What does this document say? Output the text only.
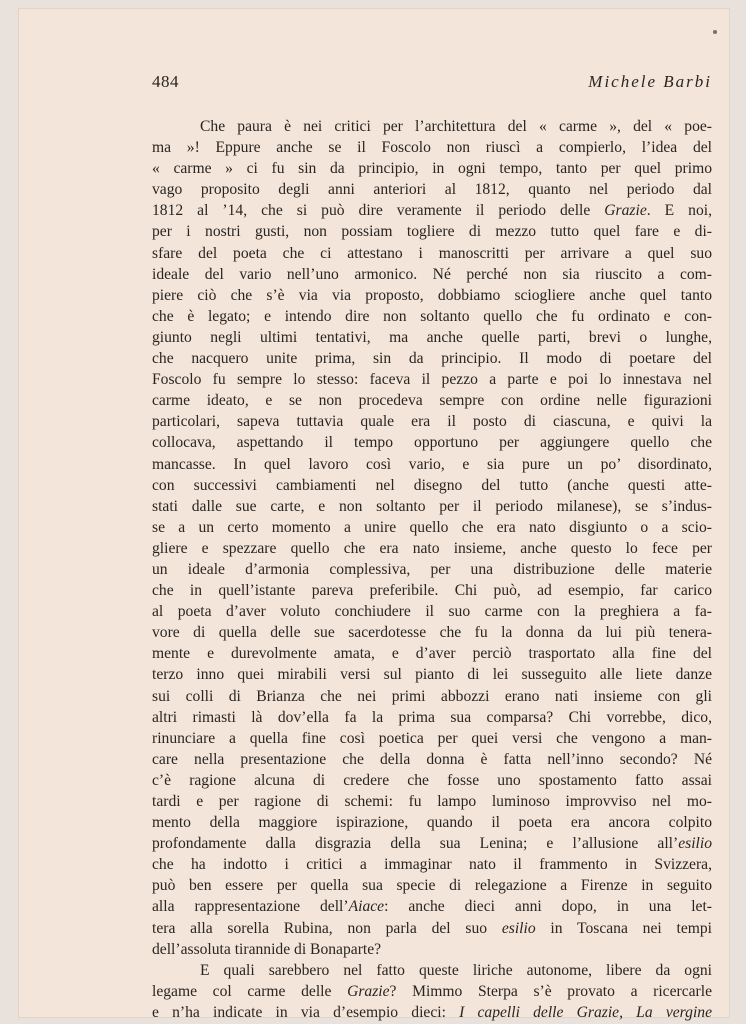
484	Michele Barbi
Che paura è nei critici per l’architettura del « carme », del « poe-
ma »! Eppure anche se il Foscolo non riuscì a compierlo, l’idea del
« carme » ci fu sin da principio, in ogni tempo, tanto per quel primo
vago proposito degli anni anteriori al 1812, quanto nel periodo dal
1812 al ’14, che si può dire veramente il periodo delle Grazie. E noi,
per i nostri gusti, non possiam togliere di mezzo tutto quel fare e di-
sfare del poeta che ci attestano i manoscritti per arrivare a quel suo
ideale del vario nell’uno armonico. Né perché non sia riuscito a com-
piere ciò che s’è via via proposto, dobbiamo sciogliere anche quel tanto
che è legato; e intendo dire non soltanto quello che fu ordinato e con-
giunto negli ultimi tentativi, ma anche quelle parti, brevi o lunghe,
che nacquero unite prima, sin da principio. Il modo di poetare del
Foscolo fu sempre lo stesso: faceva il pezzo a parte e poi lo innestava nel
carme ideato, e se non procedeva sempre con ordine nelle figurazioni
particolari, sapeva tuttavia quale era il posto di ciascuna, e quivi la
collocava, aspettando il tempo opportuno per aggiungere quello che
mancasse. In quel lavoro così vario, e sia pure un po’ disordinato,
con successivi cambiamenti nel disegno del tutto (anche questi atte-
stati dalle sue carte, e non soltanto per il periodo milanese), se s’indus-
se a un certo momento a unire quello che era nato disgiunto o a scio-
gliere e spezzare quello che era nato insieme, anche questo lo fece per
un ideale d’armonia complessiva, per una distribuzione delle materie
che in quell’istante pareva preferibile. Chi può, ad esempio, far carico
al poeta d’aver voluto conchiudere il suo carme con la preghiera a fa-
vore di quella delle sue sacerdotesse che fu la donna da lui più tenera-
mente e durevolmente amata, e d’aver perciò trasportato alla fine del
terzo inno quei mirabili versi sul pianto di lei susseguito alle liete danze
sui colli di Brianza che nei primi abbozzi erano nati insieme con gli
altri rimasti là dov’ella fa la prima sua comparsa? Chi vorrebbe, dico,
rinunciare a quella fine così poetica per quei versi che vengono a man-
care nella presentazione che della donna è fatta nell’inno secondo? Né
c’è ragione alcuna di credere che fosse uno spostamento fatto assai
tardi e per ragione di schemi: fu lampo luminoso improvviso nel mo-
mento della maggiore ispirazione, quando il poeta era ancora colpito
profondamente dalla disgrazia della sua Lenina; e l’allusione all’esilio
che ha indotto i critici a immaginar nato il frammento in Svizzera,
può ben essere per quella sua specie di relegazione a Firenze in seguito
alla rappresentazione dell’Aiace: anche dieci anni dopo, in una let-
tera alla sorella Rubina, non parla del suo esilio in Toscana nei tempi
dell’assoluta tirannide di Bonaparte?
E quali sarebbero nel fatto queste liriche autonome, libere da ogni
legame col carme delle Grazie? Mimmo Sterpa s’è provato a ricercarle
e n’ha indicate in via d’esempio dieci: I capelli delle Grazie, La vergine
